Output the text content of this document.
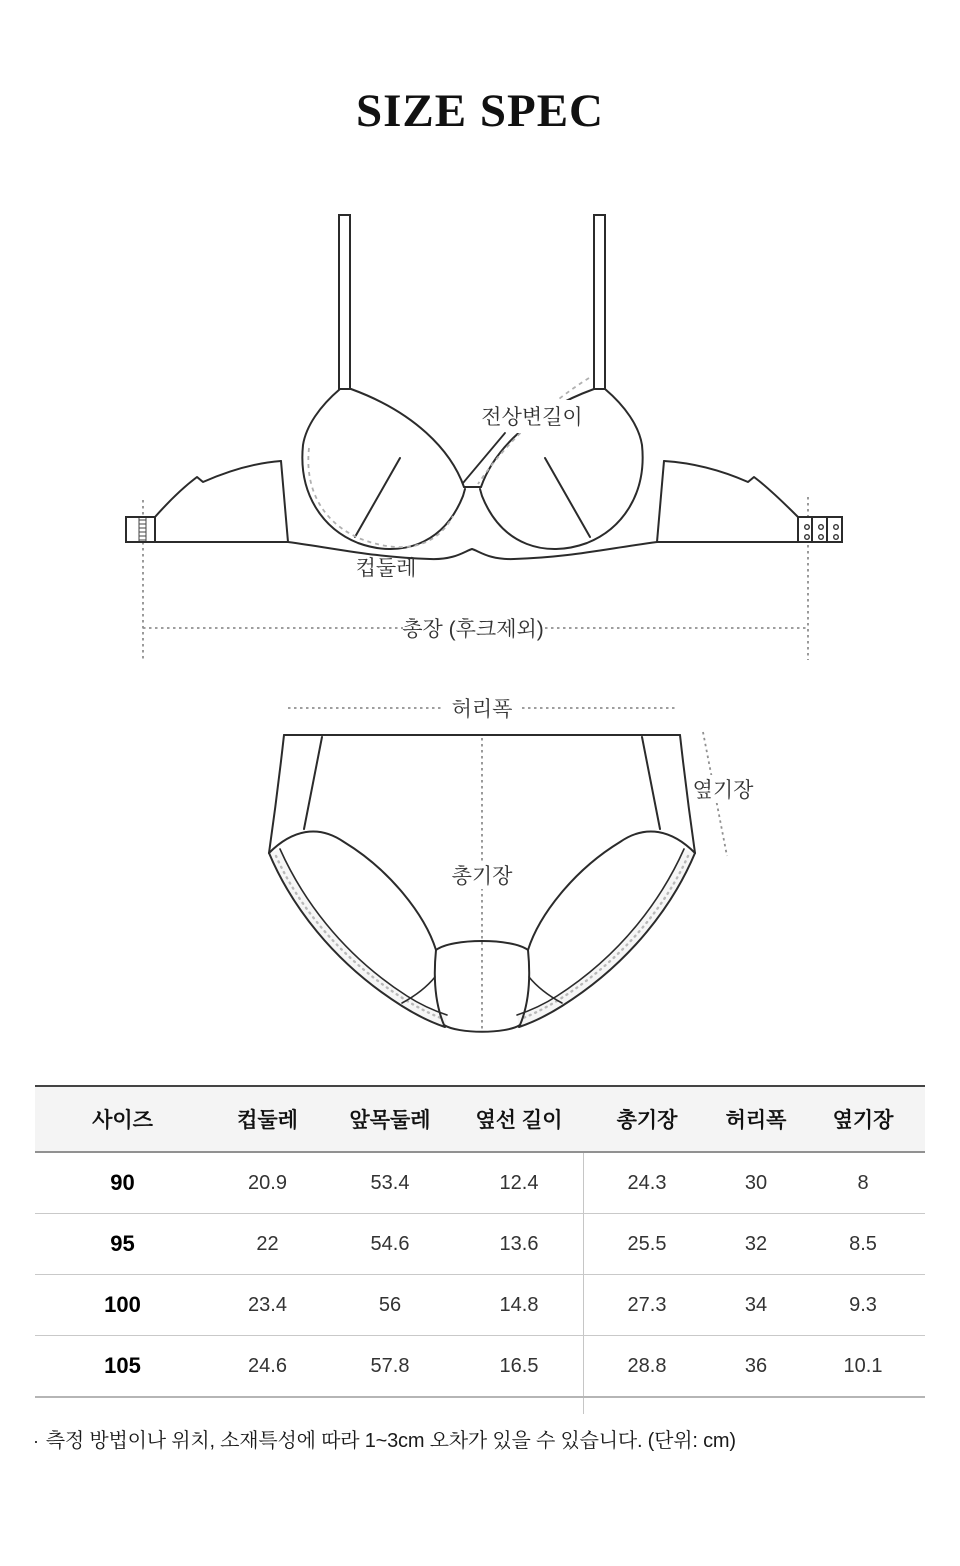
SIZE SPEC
전상변길이
컵둘레
총장 (후크제외)
허리폭
옆기장
총기장
사이즈	컵둘레	앞목둘레	옆선 길이	총기장	허리폭	옆기장
90	20.9	53.4	12.4	24.3	30	8
95	22	54.6	13.6	25.5	32	8.5
100	23.4	56	14.8	27.3	34	9.3
105	24.6	57.8	16.5	28.8	36	10.1
· 측정 방법이나 위치, 소재특성에 따라 1~3cm 오차가 있을 수 있습니다. (단위: cm)
